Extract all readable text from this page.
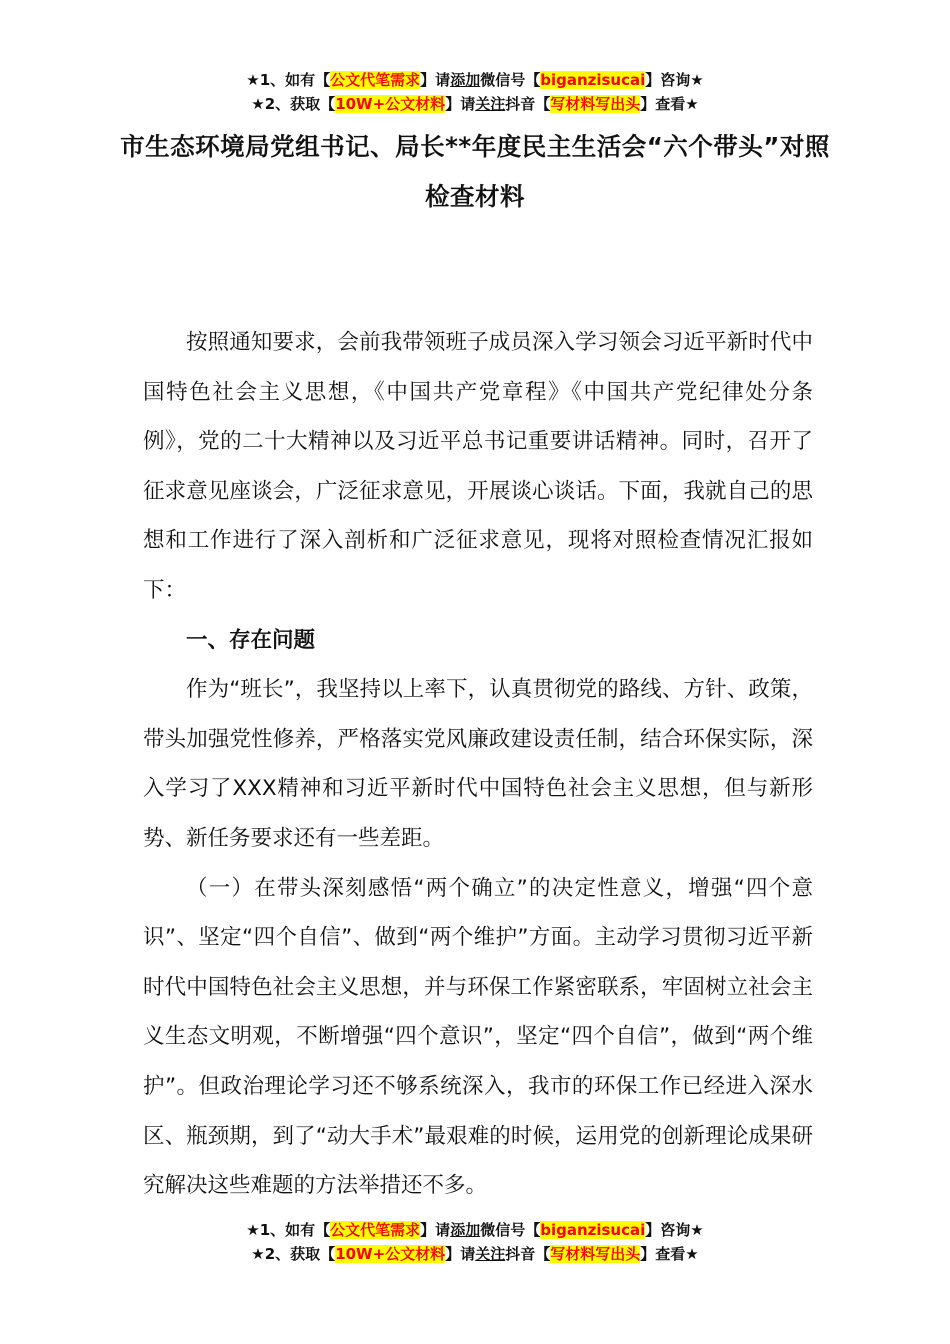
★1、如有【公文代笔需求】请添加微信号【biganzisucai】咨询★
★2、获取【10W+公文材料】请关注抖音【写材料写出头】查看★
市生态环境局党组书记、局长**年度民主生活会“六个带头”对照检查材料

按照通知要求，会前我带领班子成员深入学习领会习近平新时代中国特色社会主义思想，《中国共产党章程》《中国共产党纪律处分条例》，党的二十大精神以及习近平总书记重要讲话精神。同时，召开了征求意见座谈会，广泛征求意见，开展谈心谈话。下面，我就自己的思想和工作进行了深入剖析和广泛征求意见，现将对照检查情况汇报如下：

一、存在问题

作为“班长”，我坚持以上率下，认真贯彻党的路线、方针、政策，带头加强党性修养，严格落实党风廉政建设责任制，结合环保实际，深入学习了XXX精神和习近平新时代中国特色社会主义思想，但与新形势、新任务要求还有一些差距。

（一）在带头深刻感悟“两个确立”的决定性意义，增强“四个意识”、坚定“四个自信”、做到“两个维护”方面。主动学习贯彻习近平新时代中国特色社会主义思想，并与环保工作紧密联系，牢固树立社会主义生态文明观，不断增强“四个意识”，坚定“四个自信”，做到“两个维护”。但政治理论学习还不够系统深入，我市的环保工作已经进入深水区、瓶颈期，到了“动大手术”最艰难的时候，运用党的创新理论成果研究解决这些难题的方法举措还不多。

★1、如有【公文代笔需求】请添加微信号【biganzisucai】咨询★
★2、获取【10W+公文材料】请关注抖音【写材料写出头】查看★
